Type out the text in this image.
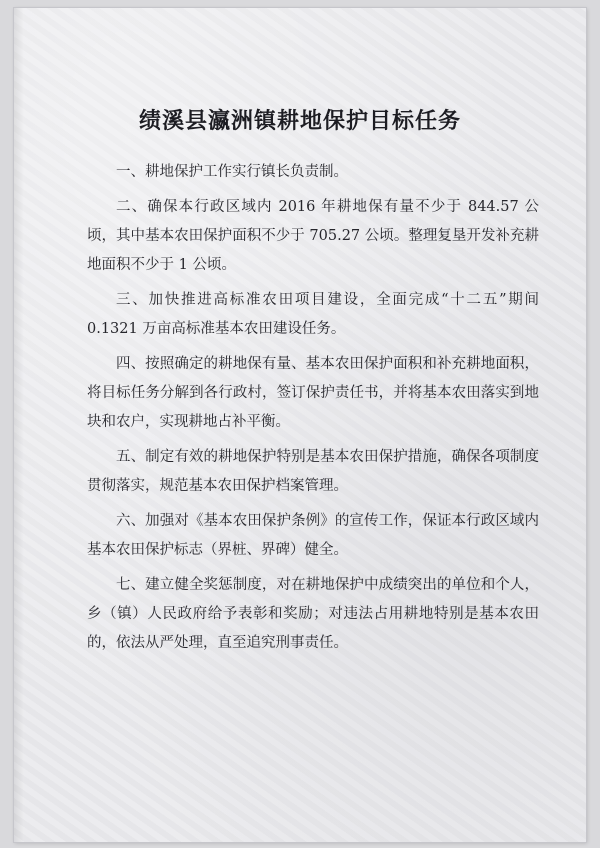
绩溪县瀛洲镇耕地保护目标任务

一、耕地保护工作实行镇长负责制。

二、确保本行政区域内 2016 年耕地保有量不少于 844.57 公顷，其中基本农田保护面积不少于 705.27 公顷。整理复垦开发补充耕地面积不少于 1 公顷。

三、加快推进高标准农田项目建设，全面完成“十二五”期间 0.1321 万亩高标准基本农田建设任务。

四、按照确定的耕地保有量、基本农田保护面积和补充耕地面积，将目标任务分解到各行政村，签订保护责任书，并将基本农田落实到地块和农户，实现耕地占补平衡。

五、制定有效的耕地保护特别是基本农田保护措施，确保各项制度贯彻落实，规范基本农田保护档案管理。

六、加强对《基本农田保护条例》的宣传工作，保证本行政区域内基本农田保护标志（界桩、界碑）健全。

七、建立健全奖惩制度，对在耕地保护中成绩突出的单位和个人，乡（镇）人民政府给予表彰和奖励；对违法占用耕地特别是基本农田的，依法从严处理，直至追究刑事责任。
